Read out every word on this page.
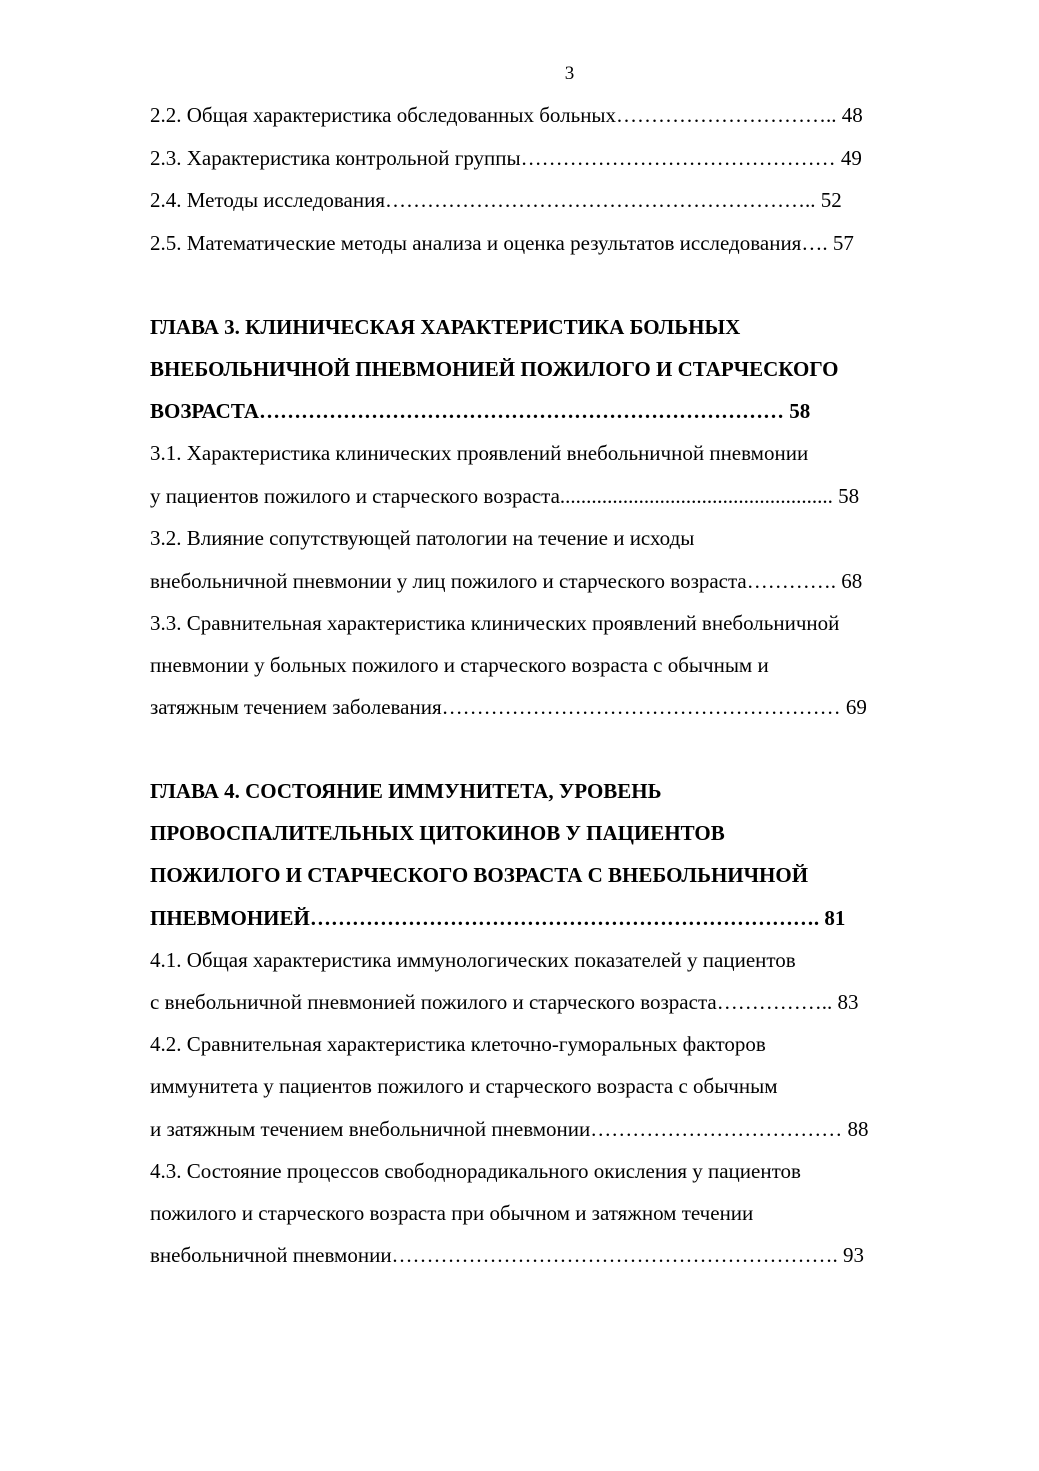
3
2.2. Общая характеристика обследованных больных………………………….. 48
2.3. Характеристика контрольной группы……………………………………… 49
2.4. Методы исследования…………………………………………………….. 52
2.5. Математические методы анализа и оценка результатов исследования…. 57
ГЛАВА 3. КЛИНИЧЕСКАЯ ХАРАКТЕРИСТИКА БОЛЬНЫХ
ВНЕБОЛЬНИЧНОЙ ПНЕВМОНИЕЙ ПОЖИЛОГО И СТАРЧЕСКОГО
ВОЗРАСТА………………………………………………………………… 58
3.1. Характеристика клинических проявлений внебольничной пневмонии
у пациентов пожилого и старческого возраста.................................................... 58
3.2. Влияние сопутствующей патологии на течение и исходы
внебольничной пневмонии у лиц пожилого и старческого возраста…………. 68
3.3. Сравнительная характеристика клинических проявлений внебольничной
пневмонии у больных пожилого и старческого возраста с обычным и
затяжным течением заболевания………………………………………………… 69
ГЛАВА 4. СОСТОЯНИЕ ИММУНИТЕТА, УРОВЕНЬ
ПРОВОСПАЛИТЕЛЬНЫХ ЦИТОКИНОВ У ПАЦИЕНТОВ
ПОЖИЛОГО И СТАРЧЕСКОГО ВОЗРАСТА С ВНЕБОЛЬНИЧНОЙ
ПНЕВМОНИЕЙ………………………………………………………………. 81
4.1. Общая характеристика иммунологических показателей у пациентов
с внебольничной пневмонией пожилого и старческого возраста…………….. 83
4.2. Сравнительная характеристика клеточно-гуморальных факторов
иммунитета у пациентов пожилого и старческого возраста с обычным
и затяжным течением внебольничной пневмонии……………………………… 88
4.3. Состояние процессов свободнорадикального окисления у пациентов
пожилого и старческого возраста при обычном и затяжном течении
внебольничной пневмонии………………………………………………………. 93
